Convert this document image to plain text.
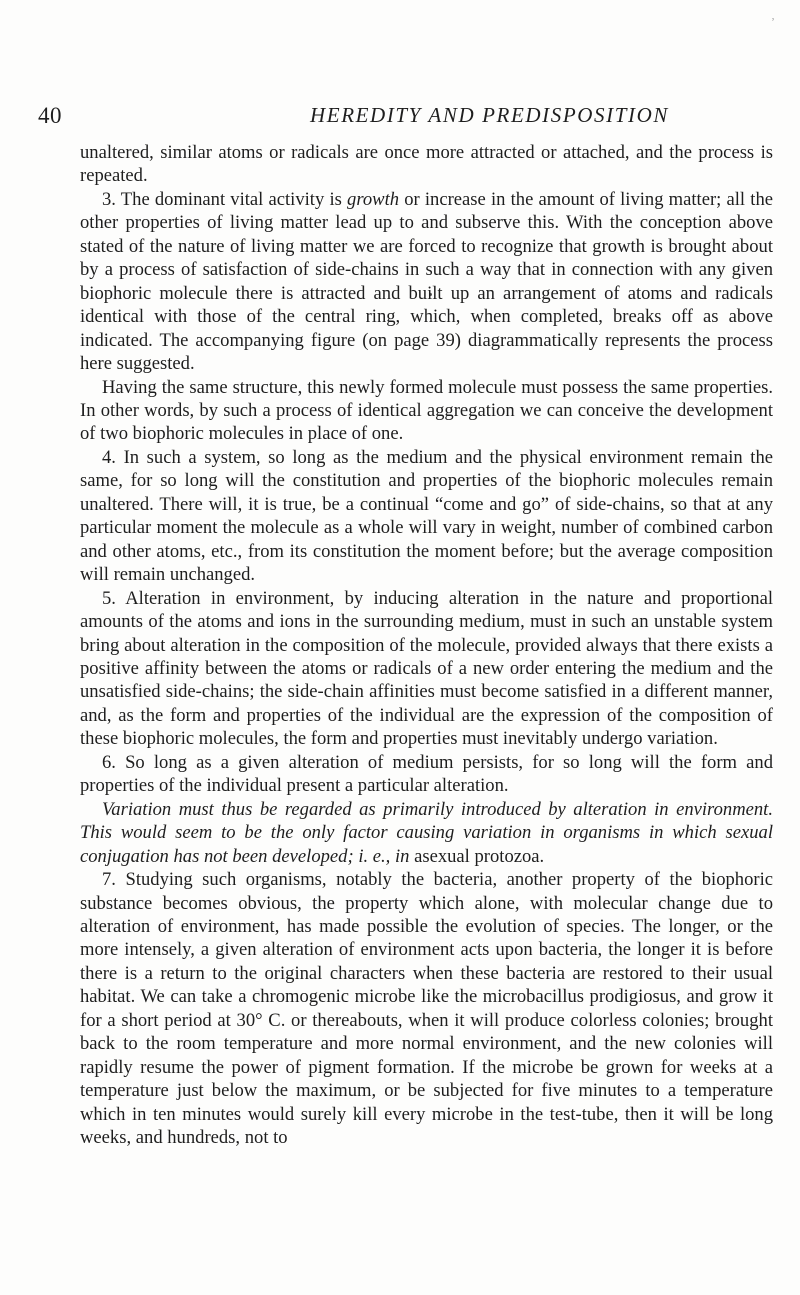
‚
40	HEREDITY AND PREDISPOSITION

unaltered, similar atoms or radicals are once more attracted or attached, and the process is repeated.

3. The dominant vital activity is growth or increase in the amount of living matter; all the other properties of living matter lead up to and subserve this. With the conception above stated of the nature of living matter we are forced to recognize that growth is brought about by a process of satisfaction of side-chains in such a way that in connection with any given biophoric molecule there is attracted and built up an arrangement of atoms and radicals identical with those of the central ring, which, when completed, breaks off as above indicated. The accompanying figure (on page 39) diagrammatically represents the process here suggested.

Having the same structure, this newly formed molecule must possess the same properties. In other words, by such a process of identical aggregation we can conceive the development of two biophoric molecules in place of one.

4. In such a system, so long as the medium and the physical environment remain the same, for so long will the constitution and properties of the biophoric molecules remain unaltered. There will, it is true, be a continual “come and go” of side-chains, so that at any particular moment the molecule as a whole will vary in weight, number of combined carbon and other atoms, etc., from its constitution the moment before; but the average composition will remain unchanged.

5. Alteration in environment, by inducing alteration in the nature and proportional amounts of the atoms and ions in the surrounding medium, must in such an unstable system bring about alteration in the composition of the molecule, provided always that there exists a positive affinity between the atoms or radicals of a new order entering the medium and the unsatisfied side-chains; the side-chain affinities must become satisfied in a different manner, and, as the form and properties of the individual are the expression of the composition of these biophoric molecules, the form and properties must inevitably undergo variation.

6. So long as a given alteration of medium persists, for so long will the form and properties of the individual present a particular alteration.

Variation must thus be regarded as primarily introduced by alteration in environment. This would seem to be the only factor causing variation in organisms in which sexual conjugation has not been developed; i. e., in asexual protozoa.

7. Studying such organisms, notably the bacteria, another property of the biophoric substance becomes obvious, the property which alone, with molecular change due to alteration of environment, has made possible the evolution of species. The longer, or the more intensely, a given alteration of environment acts upon bacteria, the longer it is before there is a return to the original characters when these bacteria are restored to their usual habitat. We can take a chromogenic microbe like the microbacillus prodigiosus, and grow it for a short period at 30° C. or thereabouts, when it will produce colorless colonies; brought back to the room temperature and more normal environment, and the new colonies will rapidly resume the power of pigment formation. If the microbe be grown for weeks at a temperature just below the maximum, or be subjected for five minutes to a temperature which in ten minutes would surely kill every microbe in the test-tube, then it will be long weeks, and hundreds, not to
